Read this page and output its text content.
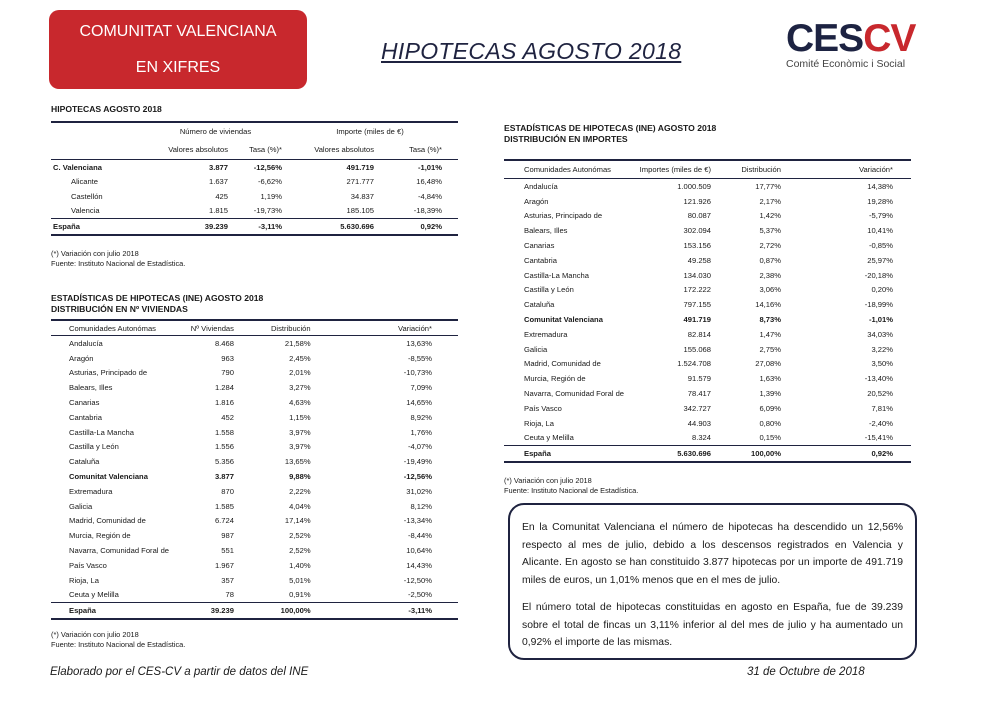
COMUNITAT VALENCIANA
EN XIFRES
HIPOTECAS AGOSTO 2018	CESCV
Comité Econòmic i Social
HIPOTECAS AGOSTO 2018
	Número de viviendas		Importe (miles de €)	
	Valores absolutos	Tasa (%)*	Valores absolutos	Tasa (%)*
C. Valenciana	3.877	-12,56%	491.719	-1,01%
Alicante	1.637	-6,62%	271.777	16,48%
Castellón	425	1,19%	34.837	-4,84%
Valencia	1.815	-19,73%	185.105	-18,39%
España	39.239	-3,11%	5.630.696	0,92%
(*) Variación con julio 2018
Fuente: Instituto Nacional de Estadística.
ESTADÍSTICAS DE HIPOTECAS (INE) AGOSTO 2018
DISTRIBUCIÓN EN Nº VIVIENDAS
Comunidades Autonómas	Nº Viviendas	Distribución	Variación*
Andalucía	8.468	21,58%	13,63%
Aragón	963	2,45%	-8,55%
Asturias, Principado de	790	2,01%	-10,73%
Balears, Illes	1.284	3,27%	7,09%
Canarias	1.816	4,63%	14,65%
Cantabria	452	1,15%	8,92%
Castilla-La Mancha	1.558	3,97%	1,76%
Castilla y León	1.556	3,97%	-4,07%
Cataluña	5.356	13,65%	-19,49%
Comunitat Valenciana	3.877	9,88%	-12,56%
Extremadura	870	2,22%	31,02%
Galicia	1.585	4,04%	8,12%
Madrid, Comunidad de	6.724	17,14%	-13,34%
Murcia, Región de	987	2,52%	-8,44%
Navarra, Comunidad Foral de	551	2,52%	10,64%
País Vasco	1.967	1,40%	14,43%
Rioja, La	357	5,01%	-12,50%
Ceuta y Melilla	78	0,91%	-2,50%
España	39.239	100,00%	-3,11%
(*) Variación con julio 2018
Fuente: Instituto Nacional de Estadística.
ESTADÍSTICAS DE HIPOTECAS (INE) AGOSTO 2018
DISTRIBUCIÓN EN IMPORTES
Comunidades Autonómas	Importes (miles de €)	Distribución	Variación*
Andalucía	1.000.509	17,77%	14,38%
Aragón	121.926	2,17%	19,28%
Asturias, Principado de	80.087	1,42%	-5,79%
Balears, Illes	302.094	5,37%	10,41%
Canarias	153.156	2,72%	-0,85%
Cantabria	49.258	0,87%	25,97%
Castilla-La Mancha	134.030	2,38%	-20,18%
Castilla y León	172.222	3,06%	0,20%
Cataluña	797.155	14,16%	-18,99%
Comunitat Valenciana	491.719	8,73%	-1,01%
Extremadura	82.814	1,47%	34,03%
Galicia	155.068	2,75%	3,22%
Madrid, Comunidad de	1.524.708	27,08%	3,50%
Murcia, Región de	91.579	1,63%	-13,40%
Navarra, Comunidad Foral de	78.417	1,39%	20,52%
País Vasco	342.727	6,09%	7,81%
Rioja, La	44.903	0,80%	-2,40%
Ceuta y Melilla	8.324	0,15%	-15,41%
España	5.630.696	100,00%	0,92%
(*) Variación con julio 2018
Fuente: Instituto Nacional de Estadística.

En la Comunitat Valenciana el número de hipotecas ha descendido un 12,56% respecto al mes de julio, debido a los descensos registrados en Valencia y Alicante. En agosto se han constituido 3.877 hipotecas por un importe de 491.719 miles de euros, un 1,01% menos que en el mes de julio.

El número total de hipotecas constituidas en agosto en España, fue de 39.239 sobre el total de fincas un 3,11% inferior al del mes de julio y ha aumentado un 0,92% el importe de las mismas.

Elaborado por el CES-CV a partir de datos del INE	31 de Octubre de 2018
